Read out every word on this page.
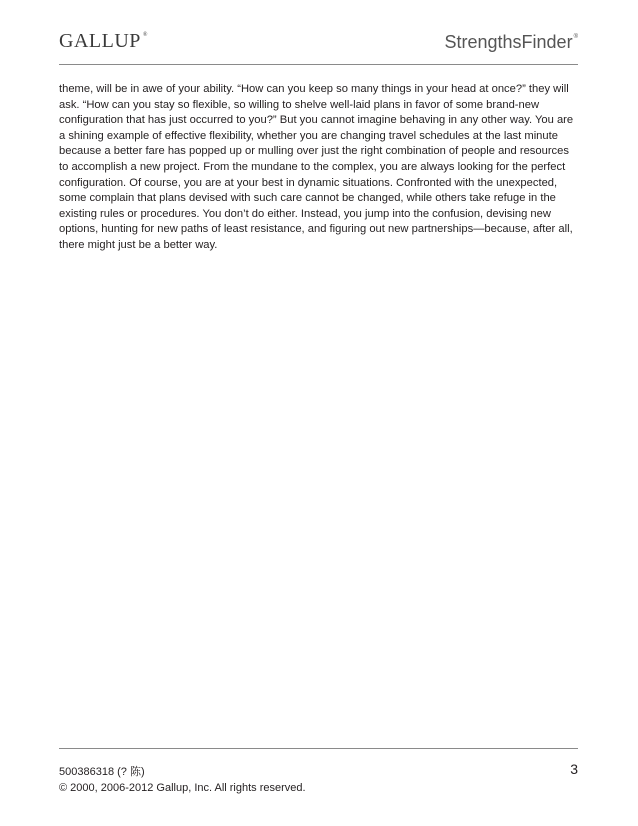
GALLUP ®	StrengthsFinder®

theme, will be in awe of your ability. “How can you keep so many things in your head at once?” they will ask. “How can you stay so flexible, so willing to shelve well-laid plans in favor of some brand-new configuration that has just occurred to you?” But you cannot imagine behaving in any other way. You are a shining example of effective flexibility, whether you are changing travel schedules at the last minute because a better fare has popped up or mulling over just the right combination of people and resources to accomplish a new project. From the mundane to the complex, you are always looking for the perfect configuration. Of course, you are at your best in dynamic situations. Confronted with the unexpected, some complain that plans devised with such care cannot be changed, while others take refuge in the existing rules or procedures. You don’t do either. Instead, you jump into the confusion, devising new options, hunting for new paths of least resistance, and figuring out new partnerships—because, after all, there might just be a better way.

500386318 (? 陈)
© 2000, 2006-2012 Gallup, Inc. All rights reserved.
3
